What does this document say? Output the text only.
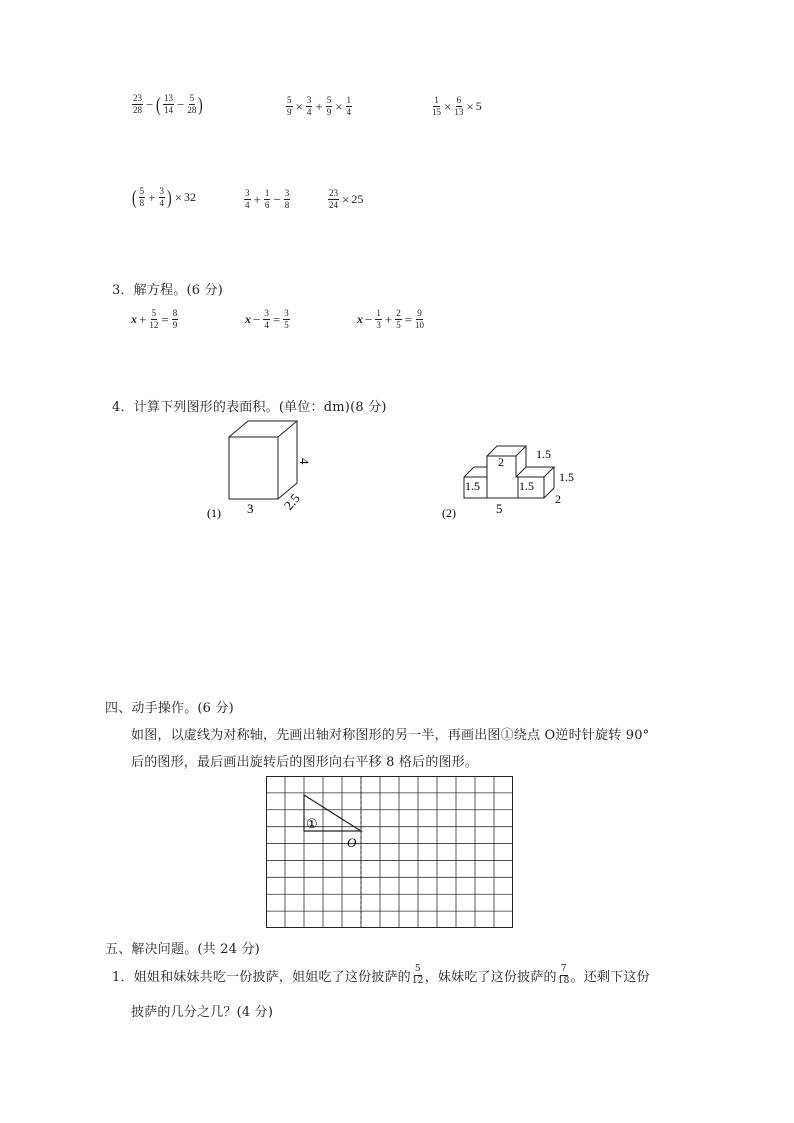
$\frac{23}{28}$ − ( $\frac{13}{14} - \frac{5}{28}$ )	$\frac{5}{9} \times \frac{3}{4} + \frac{5}{9} \times \frac{1}{4}$	$\frac{1}{15} \times \frac{6}{13} \times 5$
( $\frac{5}{8} + \frac{3}{4}$ ) × 32	$\frac{3}{4} + \frac{1}{6} - \frac{3}{8}$	$\frac{23}{24} \times 25$
3．解方程。(6 分)
$x + \frac{5}{12} = \frac{8}{9}$	$x - \frac{3}{4} = \frac{3}{5}$	$x - \frac{1}{3} + \frac{2}{5} = \frac{9}{10}$
4．计算下列图形的表面积。(单位：dm)(8 分)
3
4
2.5
(1)
2
1.5
1.5
1.5	1.5
2
5
(2)
四、动手操作。(6 分)
如图，以虚线为对称轴，先画出轴对称图形的另一半，再画出图①绕点 O逆时针旋转 90°
后的图形，最后画出旋转后的图形向右平移 8 格后的图形。
①
O
五、解决问题。(共 24 分)
1．姐姐和妹妹共吃一份披萨，姐姐吃了这份披萨的 $\frac{5}{12}$ ，妹妹吃了这份披萨的 $\frac{7}{18}$ 。还剩下这份
披萨的几分之几？(4 分)
